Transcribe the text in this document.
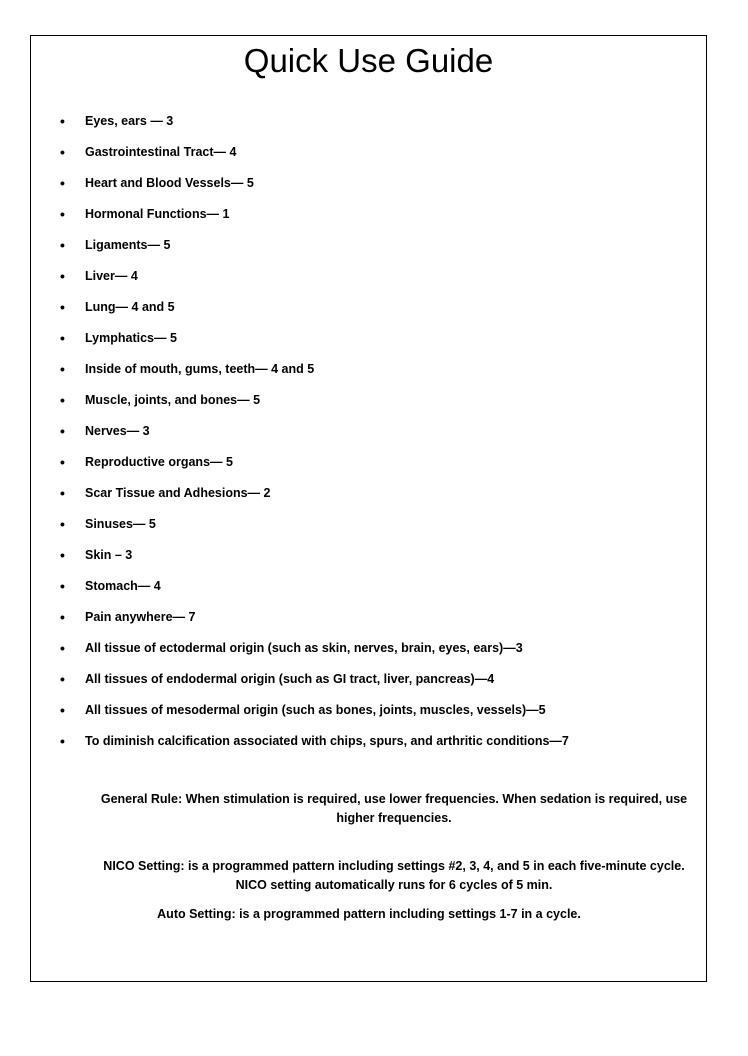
Quick Use Guide
• Eyes, ears — 3
• Gastrointestinal Tract— 4
• Heart and Blood Vessels— 5
• Hormonal Functions— 1
• Ligaments— 5
• Liver— 4
• Lung— 4 and 5
• Lymphatics— 5
• Inside of mouth, gums, teeth— 4 and 5
• Muscle, joints, and bones— 5
• Nerves— 3
• Reproductive organs— 5
• Scar Tissue and Adhesions— 2
• Sinuses— 5
• Skin – 3
• Stomach— 4
• Pain anywhere— 7
• All tissue of ectodermal origin (such as skin, nerves, brain, eyes, ears)—3
• All tissues of endodermal origin (such as GI tract, liver, pancreas)—4
• All tissues of mesodermal origin (such as bones, joints, muscles, vessels)—5
• To diminish calcification associated with chips, spurs, and arthritic conditions—7

General Rule: When stimulation is required, use lower frequencies. When sedation is required, use higher frequencies.

NICO Setting: is a programmed pattern including settings #2, 3, 4, and 5 in each five-minute cycle. NICO setting automatically runs for 6 cycles of 5 min.

Auto Setting: is a programmed pattern including settings 1-7 in a cycle.
